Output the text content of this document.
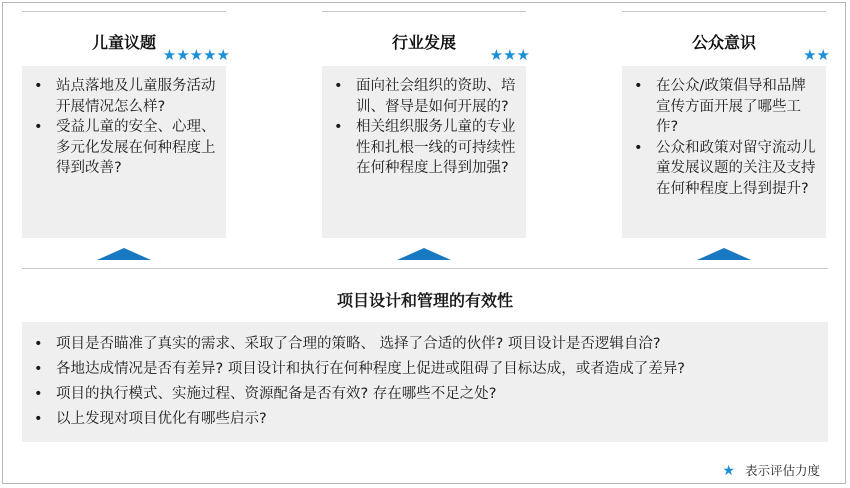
儿童议题
★★★★★
• 站点落地及儿童服务活动开展情况怎么样?
• 受益儿童的安全、心理、多元化发展在何种程度上得到改善?
行业发展
★★★
• 面向社会组织的资助、培训、督导是如何开展的?
• 相关组织服务儿童的专业性和扎根一线的可持续性在何种程度上得到加强?
公众意识
★★
• 在公众/政策倡导和品牌宣传方面开展了哪些工作?
• 公众和政策对留守流动儿童发展议题的关注及支持在何种程度上得到提升?
项目设计和管理的有效性
• 项目是否瞄准了真实的需求、采取了合理的策略、 选择了合适的伙伴? 项目设计是否逻辑自洽?
• 各地达成情况是否有差异? 项目设计和执行在何种程度上促进或阻碍了目标达成，或者造成了差异?
• 项目的执行模式、实施过程、资源配备是否有效? 存在哪些不足之处?
• 以上发现对项目优化有哪些启示?
★ 表示评估力度
